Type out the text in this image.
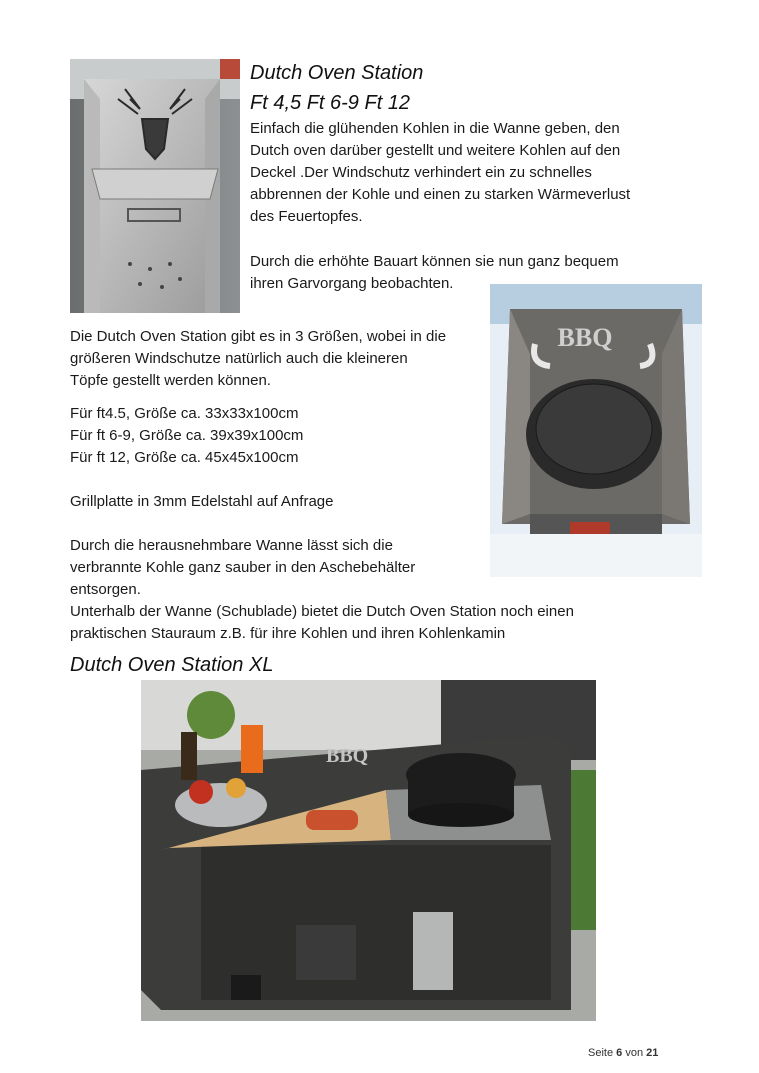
Dutch Oven Station
Ft 4,5 Ft 6-9 Ft 12
Einfach die glühenden Kohlen in die Wanne geben, den
Dutch oven darüber gestellt und weitere Kohlen auf den
Deckel .Der Windschutz verhindert ein zu schnelles
abbrennen der Kohle und einen zu starken Wärmeverlust
des Feuertopfes.
Durch die erhöhte Bauart können sie nun ganz bequem
ihren Garvorgang beobachten.
Die Dutch Oven Station gibt es in 3 Größen, wobei in die
größeren Windschutze natürlich auch die kleineren
Töpfe gestellt werden können.
Für ft4.5, Größe ca. 33x33x100cm
Für ft 6-9, Größe ca. 39x39x100cm
Für ft 12, Größe ca. 45x45x100cm
Grillplatte in 3mm Edelstahl auf Anfrage
Durch die herausnehmbare Wanne lässt sich die
verbrannte Kohle ganz sauber in den Aschebehälter
entsorgen.
Unterhalb der Wanne (Schublade) bietet die Dutch Oven Station noch einen
praktischen Stauraum z.B. für ihre Kohlen und ihren Kohlenkamin
Dutch Oven Station XL
BBQ
BBQ
Seite 6 von 21
